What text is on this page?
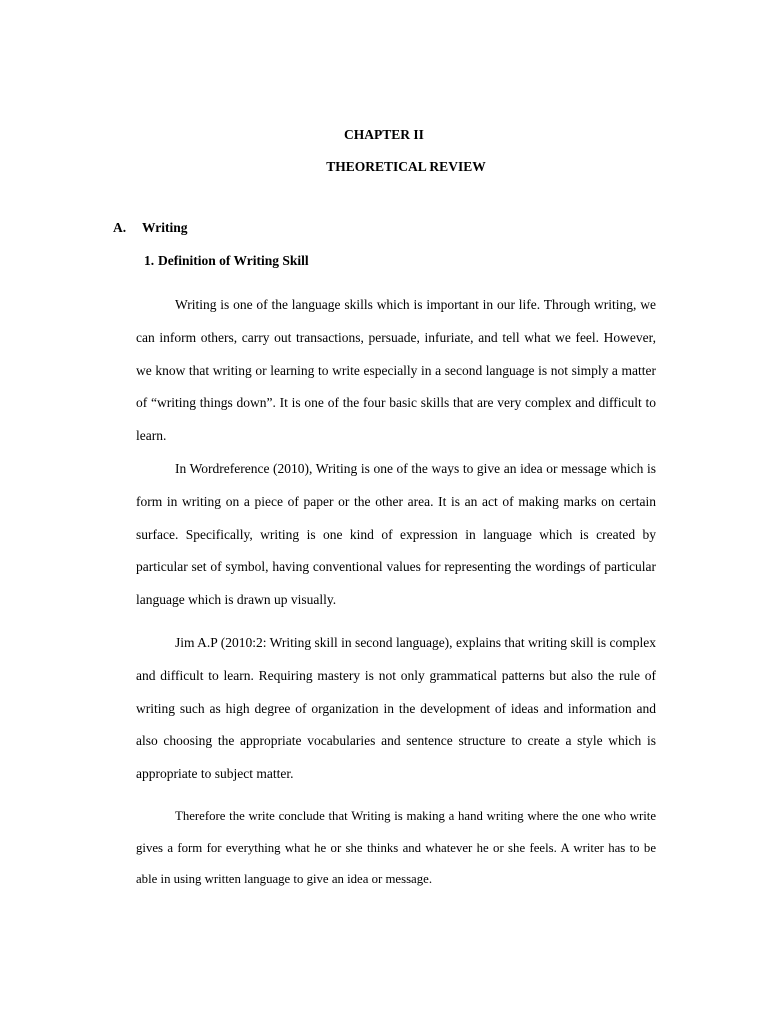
CHAPTER II
THEORETICAL REVIEW
A. Writing
1. Definition of Writing Skill

Writing is one of the language skills which is important in our life. Through writing, we can inform others, carry out transactions, persuade, infuriate, and tell what we feel. However, we know that writing or learning to write especially in a second language is not simply a matter of “writing things down”. It is one of the four basic skills that are very complex and difficult to learn.

In Wordreference (2010), Writing is one of the ways to give an idea or message which is form in writing on a piece of paper or the other area. It is an act of making marks on certain surface. Specifically, writing is one kind of expression in language which is created by particular set of symbol, having conventional values for representing the wordings of particular language which is drawn up visually.

Jim A.P (2010:2: Writing skill in second language), explains that writing skill is complex and difficult to learn. Requiring mastery is not only grammatical patterns but also the rule of writing such as high degree of organization in the development of ideas and information and also choosing the appropriate vocabularies and sentence structure to create a style which is appropriate to subject matter.

Therefore the write conclude that Writing is making a hand writing where the one who write gives a form for everything what he or she thinks and whatever he or she feels. A writer has to be able in using written language to give an idea or message.
